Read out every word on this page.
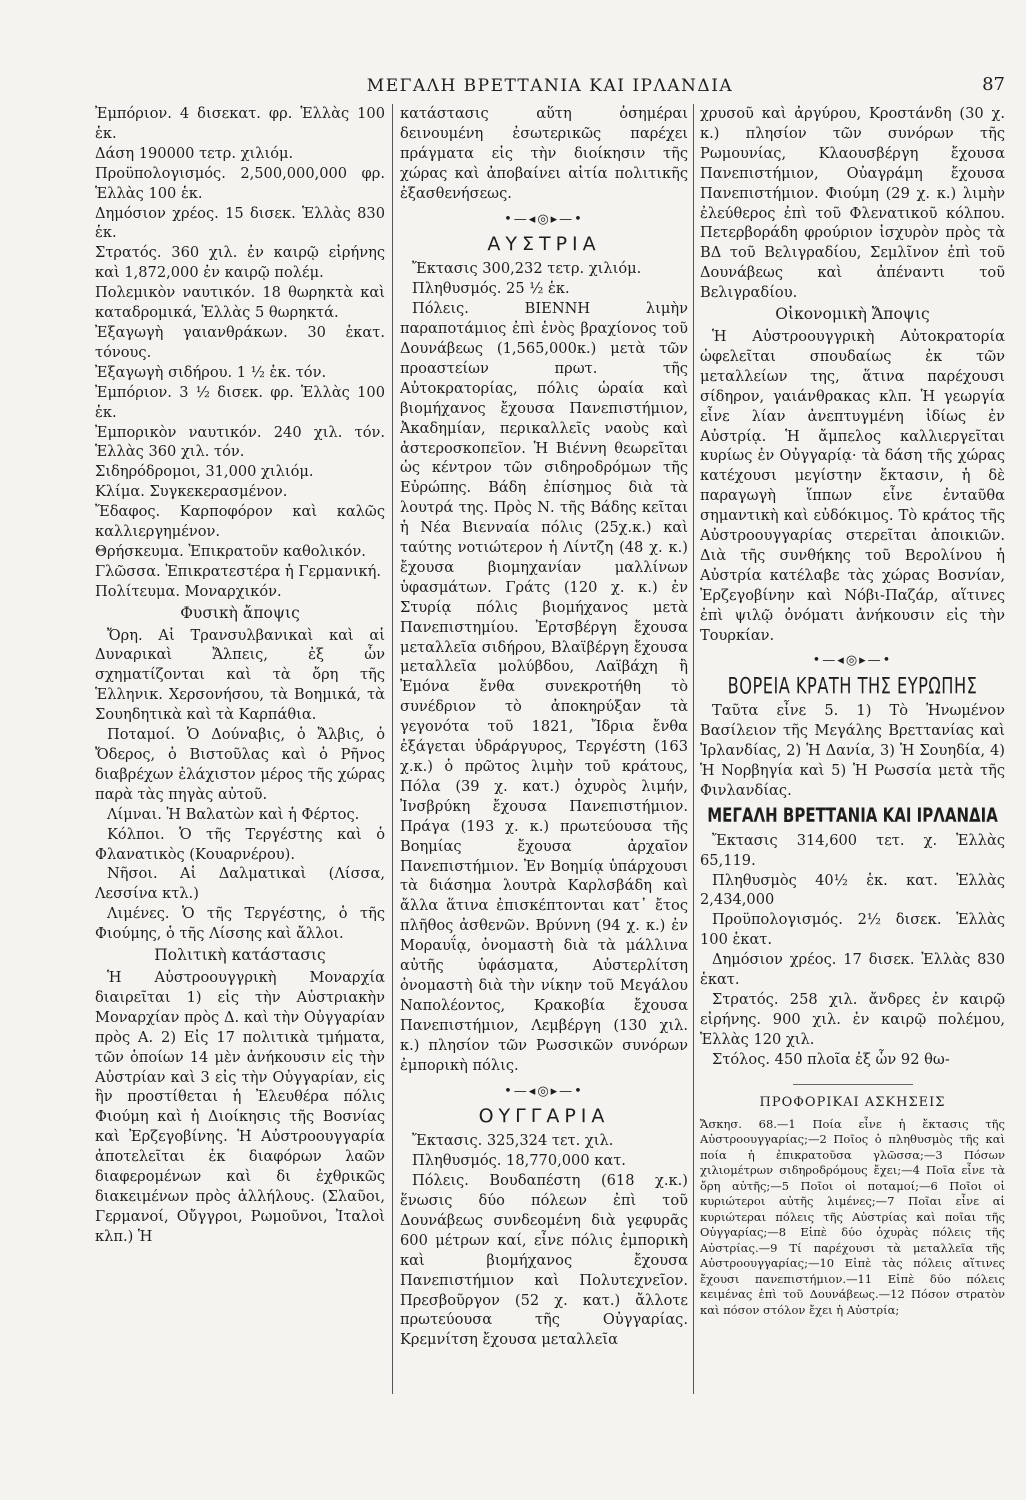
ΜΕΓΑΛΗ ΒΡΕΤΤΑΝΙΑ ΚΑΙ ΙΡΛΑΝΔΙΑ	87

Ἐμπόριον. 4 δισεκατ. φρ. Ἑλλὰς 100 ἑκ.

Δάση 190000 τετρ. χιλιόμ.

Προϋπολογισμός. 2,500,000,000 φρ. Ἑλλὰς 100 ἑκ.

Δημόσιον χρέος. 15 δισεκ. Ἑλλὰς 830 ἑκ.

Στρατός. 360 χιλ. ἐν καιρῷ εἰρήνης καὶ 1,872,000 ἐν καιρῷ πολέμ.

Πολεμικὸν ναυτικόν. 18 θωρηκτὰ καὶ καταδρομικά, Ἑλλὰς 5 θωρηκτά.

Ἐξαγωγὴ γαιανθράκων. 30 ἑκατ. τόνους.

Ἐξαγωγὴ σιδήρου. 1 ½ ἑκ. τόν.

Ἐμπόριον. 3 ½ δισεκ. φρ. Ἑλλὰς 100 ἑκ.

Ἐμπορικὸν ναυτικόν. 240 χιλ. τόν. Ἑλλὰς 360 χιλ. τόν.

Σιδηρόδρομοι, 31,000 χιλιόμ.

Κλίμα. Συγκεκερασμένον.

Ἔδαφος. Καρποφόρον καὶ καλῶς καλλιεργημένον.

Θρήσκευμα. Ἐπικρατοῦν καθολικόν.

Γλῶσσα. Ἐπικρατεστέρα ἡ Γερμανική.

Πολίτευμα. Μοναρχικόν.

Φυσικὴ ἄποψις

Ὄρη. Αἱ Τρανσυλβανικαὶ καὶ αἱ Δυναρικαὶ Ἄλπεις, ἐξ ὧν σχηματίζονται καὶ τὰ ὄρη τῆς Ἑλληνικ. Χερσονήσου, τὰ Βοημικά, τὰ Σουηδητικὰ καὶ τὰ Καρπάθια.

Ποταμοί. Ὁ Δούναβις, ὁ Ἄλβις, ὁ Ὄδερος, ὁ Βιστοῦλας καὶ ὁ Ρῆνος διαβρέχων ἐλάχιστον μέρος τῆς χώρας παρὰ τὰς πηγὰς αὐτοῦ.

Λίμναι. Ἡ Βαλατὼν καὶ ἡ Φέρτος.

Κόλποι. Ὁ τῆς Τεργέστης καὶ ὁ Φλανατικὸς (Κουαρνέρου).

Νῆσοι. Αἱ Δαλματικαὶ (Λίσσα, Λεσσίνα κτλ.)

Λιμένες. Ὁ τῆς Τεργέστης, ὁ τῆς Φιούμης, ὁ τῆς Λίσσης καὶ ἄλλοι.

Πολιτικὴ κατάστασις

Ἡ Αὐστροουγγρικὴ Μοναρχία διαιρεῖται 1) εἰς τὴν Αὐστριακὴν Μοναρχίαν πρὸς Δ. καὶ τὴν Οὐγγαρίαν πρὸς Α. 2) Εἰς 17 πολιτικὰ τμήματα, τῶν ὁποίων 14 μὲν ἀνήκουσιν εἰς τὴν Αὐστρίαν καὶ 3 εἰς τὴν Οὐγγαρίαν, εἰς ἣν προστίθεται ἡ Ἐλευθέρα πόλις Φιούμη καὶ ἡ Διοίκησις τῆς Βοσνίας καὶ Ἐρζεγοβίνης. Ἡ Αὐστροουγγαρία ἀποτελεῖται ἐκ διαφόρων λαῶν διαφερομένων καὶ δι ἐχθρικῶς διακειμένων πρὸς ἀλλήλους. (Σλαῦοι, Γερμανοί, Οὔγγροι, Ρωμοῦνοι, Ἰταλοὶ κλπ.) Ἡ

κατάστασις αὕτη ὁσημέραι δεινουμένη ἐσωτερικῶς παρέχει πράγματα εἰς τὴν διοίκησιν τῆς χώρας καὶ ἀποβαίνει αἰτία πολιτικῆς ἐξασθενήσεως.

•—◂◎▸—•
ΑΥΣΤΡΙΑ

Ἔκτασις 300,232 τετρ. χιλιόμ.

Πληθυσμός. 25 ½ ἑκ.

Πόλεις. ΒΙΕΝΝΗ λιμὴν παραποτάμιος ἐπὶ ἑνὸς βραχίονος τοῦ Δουνάβεως (1,565,000κ.) μετὰ τῶν προαστείων πρωτ. τῆς Αὐτοκρατορίας, πόλις ὡραία καὶ βιομήχανος ἔχουσα Πανεπιστήμιον, Ἀκαδημίαν, περικαλλεῖς ναοὺς καὶ ἀστεροσκοπεῖον. Ἡ Βιέννη θεωρεῖται ὡς κέντρον τῶν σιδηροδρόμων τῆς Εὐρώπης. Βάδη ἐπίσημος διὰ τὰ λουτρά της. Πρὸς Ν. τῆς Βάδης κεῖται ἡ Νέα Βιενναία πόλις (25χ.κ.) καὶ ταύτης νοτιώτερον ἡ Λίντζη (48 χ. κ.) ἔχουσα βιομηχανίαν μαλλίνων ὑφασμάτων. Γράτς (120 χ. κ.) ἐν Στυρίᾳ πόλις βιομήχανος μετὰ Πανεπιστημίου. Ἐρτσβέργη ἔχουσα μεταλλεῖα σιδήρου, Βλαϊβέργη ἔχουσα μεταλλεῖα μολύβδου, Λαϊβάχη ἢ Ἐμόνα ἔνθα συνεκροτήθη τὸ συνέδριον τὸ ἀποκηρύξαν τὰ γεγονότα τοῦ 1821, Ἴδρια ἔνθα ἐξάγεται ὑδράργυρος, Τεργέστη (163 χ.κ.) ὁ πρῶτος λιμὴν τοῦ κράτους, Πόλα (39 χ. κατ.) ὀχυρὸς λιμήν, Ἰνσβρύκη ἔχουσα Πανεπιστήμιον. Πράγα (193 χ. κ.) πρωτεύουσα τῆς Βοημίας ἔχουσα ἀρχαῖον Πανεπιστήμιον. Ἐν Βοημίᾳ ὑπάρχουσι τὰ διάσημα λουτρὰ Καρλσβάδη καὶ ἄλλα ἅτινα ἐπισκέπτονται κατ᾿ ἔτος πλῆθος ἀσθενῶν. Βρύννη (94 χ. κ.) ἐν Μοραυΐᾳ, ὀνομαστὴ διὰ τὰ μάλλινα αὐτῆς ὑφάσματα, Αὐστερλίτση ὀνομαστὴ διὰ τὴν νίκην τοῦ Μεγάλου Ναπολέοντος, Κρακοβία ἔχουσα Πανεπιστήμιον, Λεμβέργη (130 χιλ. κ.) πλησίον τῶν Ρωσσικῶν συνόρων ἐμπορικὴ πόλις.

•—◂◎▸—•
ΟΥΓΓΑΡΙΑ

Ἔκτασις. 325,324 τετ. χιλ.

Πληθυσμός. 18,770,000 κατ.

Πόλεις. Βουδαπέστη (618 χ.κ.) ἕνωσις δύο πόλεων ἐπὶ τοῦ Δουνάβεως συνδεομένη διὰ γεφυρᾶς 600 μέτρων καί, εἶνε πόλις ἐμπορικὴ καὶ βιομήχανος ἔχουσα Πανεπιστήμιον καὶ Πολυτεχνεῖον. Πρεσβοῦργον (52 χ. κατ.) ἄλλοτε πρωτεύουσα τῆς Οὐγγαρίας. Κρεμνίτση ἔχουσα μεταλλεῖα

χρυσοῦ καὶ ἀργύρου, Κροστάνδη (30 χ. κ.) πλησίον τῶν συνόρων τῆς Ρωμουνίας, Κλαουσβέργη ἔχουσα Πανεπιστήμιον, Οὐαγράμη ἔχουσα Πανεπιστήμιον. Φιούμη (29 χ. κ.) λιμὴν ἐλεύθερος ἐπὶ τοῦ Φλενατικοῦ κόλπου. Πετερβοράδη φρούριον ἰσχυρὸν πρὸς τὰ ΒΔ τοῦ Βελιγραδίου, Σεμλῖνον ἐπὶ τοῦ Δουνάβεως καὶ ἀπέναντι τοῦ Βελιγραδίου.

Οἰκονομικὴ Ἄποψις

Ἡ Αὐστροουγγρικὴ Αὐτοκρατορία ὠφελεῖται σπουδαίως ἐκ τῶν μεταλλείων της, ἅτινα παρέχουσι σίδηρον, γαιάνθρακας κλπ. Ἡ γεωργία εἶνε λίαν ἀνεπτυγμένη ἰδίως ἐν Αὐστρίᾳ. Ἡ ἄμπελος καλλιεργεῖται κυρίως ἐν Οὐγγαρίᾳ· τὰ δάση τῆς χώρας κατέχουσι μεγίστην ἔκτασιν, ἡ δὲ παραγωγὴ ἵππων εἶνε ἐνταῦθα σημαντικὴ καὶ εὐδόκιμος. Τὸ κράτος τῆς Αὐστροουγγαρίας στερεῖται ἀποικιῶν. Διὰ τῆς συνθήκης τοῦ Βερολίνου ἡ Αὐστρία κατέλαβε τὰς χώρας Βοσνίαν, Ἐρζεγοβίνην καὶ Νόβι-Παζάρ, αἵτινες ἐπὶ ψιλῷ ὀνόματι ἀνήκουσιν εἰς τὴν Τουρκίαν.

•—◂◎▸—•
ΒΟΡΕΙΑ ΚΡΑΤΗ ΤΗΣ ΕΥΡΩΠΗΣ

Ταῦτα εἶνε 5. 1) Τὸ Ἡνωμένον Βασίλειον τῆς Μεγάλης Βρεττανίας καὶ Ἰρλανδίας, 2) Ἡ Δανία, 3) Ἡ Σουηδία, 4) Ἡ Νορβηγία καὶ 5) Ἡ Ρωσσία μετὰ τῆς Φινλανδίας.

ΜΕΓΑΛΗ ΒΡΕΤΤΑΝΙΑ ΚΑΙ ΙΡΛΑΝΔΙΑ

Ἔκτασις 314,600 τετ. χ. Ἑλλὰς 65,119.

Πληθυσμὸς 40½ ἑκ. κατ. Ἑλλὰς 2,434,000

Προϋπολογισμός. 2½ δισεκ. Ἑλλὰς 100 ἑκατ.

Δημόσιον χρέος. 17 δισεκ. Ἑλλὰς 830 ἑκατ.

Στρατός. 258 χιλ. ἄνδρες ἐν καιρῷ εἰρήνης. 900 χιλ. ἐν καιρῷ πολέμου, Ἑλλὰς 120 χιλ.

Στόλος. 450 πλοῖα ἐξ ὧν 92 θω-

ΠΡΟΦΟΡΙΚΑΙ ΑΣΚΗΣΕΙΣ

Ἄσκησ. 68.—1 Ποία εἶνε ἡ ἔκτασις τῆς Αὐστροουγγαρίας;—2 Ποῖος ὁ πληθυσμὸς τῆς καὶ ποία ἡ ἐπικρατοῦσα γλῶσσα;—3 Πόσων χιλιομέτρων σιδηροδρόμους ἔχει;—4 Ποῖα εἶνε τὰ ὄρη αὐτῆς;—5 Ποῖοι οἱ ποταμοί;—6 Ποῖοι οἱ κυριώτεροι αὐτῆς λιμένες;—7 Ποῖαι εἶνε αἱ κυριώτεραι πόλεις τῆς Αὐστρίας καὶ ποῖαι τῆς Οὐγγαρίας;—8 Εἰπὲ δύο ὀχυρὰς πόλεις τῆς Αὐστρίας.—9 Τί παρέχουσι τὰ μεταλλεῖα τῆς Αὐστροουγγαρίας;—10 Εἰπὲ τὰς πόλεις αἵτινες ἔχουσι πανεπιστήμιον.—11 Εἰπὲ δύο πόλεις κειμένας ἐπὶ τοῦ Δουνάβεως.—12 Πόσον στρατὸν καὶ πόσον στόλον ἔχει ἡ Αὐστρία;
